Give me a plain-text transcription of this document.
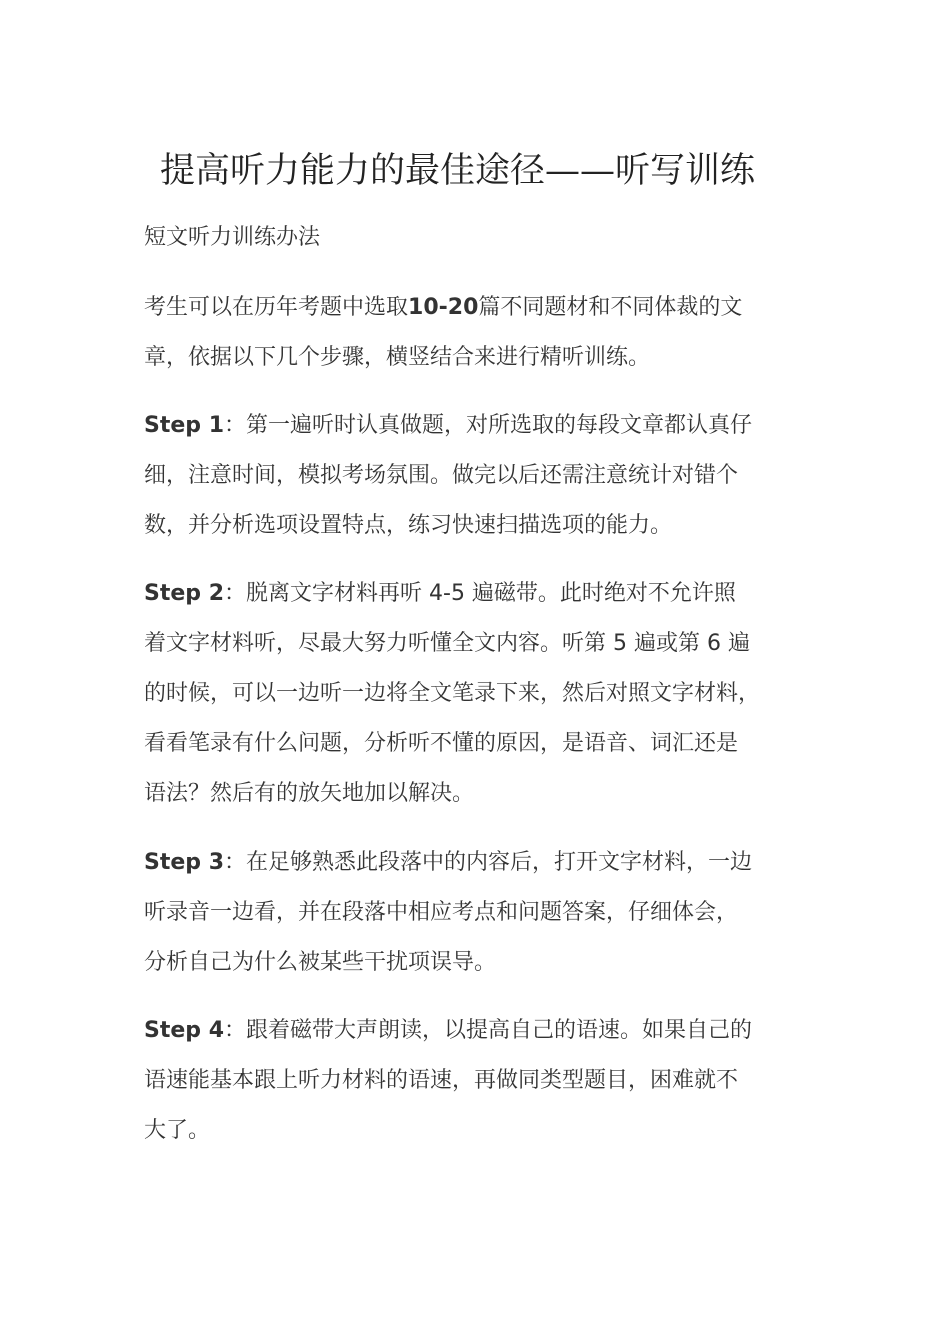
提高听力能力的最佳途径——听写训练
短文听力训练办法

考生可以在历年考题中选取10-20篇不同题材和不同体裁的文
章，依据以下几个步骤，横竖结合来进行精听训练。

Step 1：第一遍听时认真做题，对所选取的每段文章都认真仔
细，注意时间，模拟考场氛围。做完以后还需注意统计对错个
数，并分析选项设置特点，练习快速扫描选项的能力。

Step 2：脱离文字材料再听 4-5 遍磁带。此时绝对不允许照
着文字材料听，尽最大努力听懂全文内容。听第 5 遍或第 6 遍
的时候，可以一边听一边将全文笔录下来，然后对照文字材料，
看看笔录有什么问题，分析听不懂的原因，是语音、词汇还是
语法？然后有的放矢地加以解决。

Step 3：在足够熟悉此段落中的内容后，打开文字材料，一边
听录音一边看，并在段落中相应考点和问题答案，仔细体会，
分析自己为什么被某些干扰项误导。

Step 4：跟着磁带大声朗读，以提高自己的语速。如果自己的
语速能基本跟上听力材料的语速，再做同类型题目，困难就不
大了。
